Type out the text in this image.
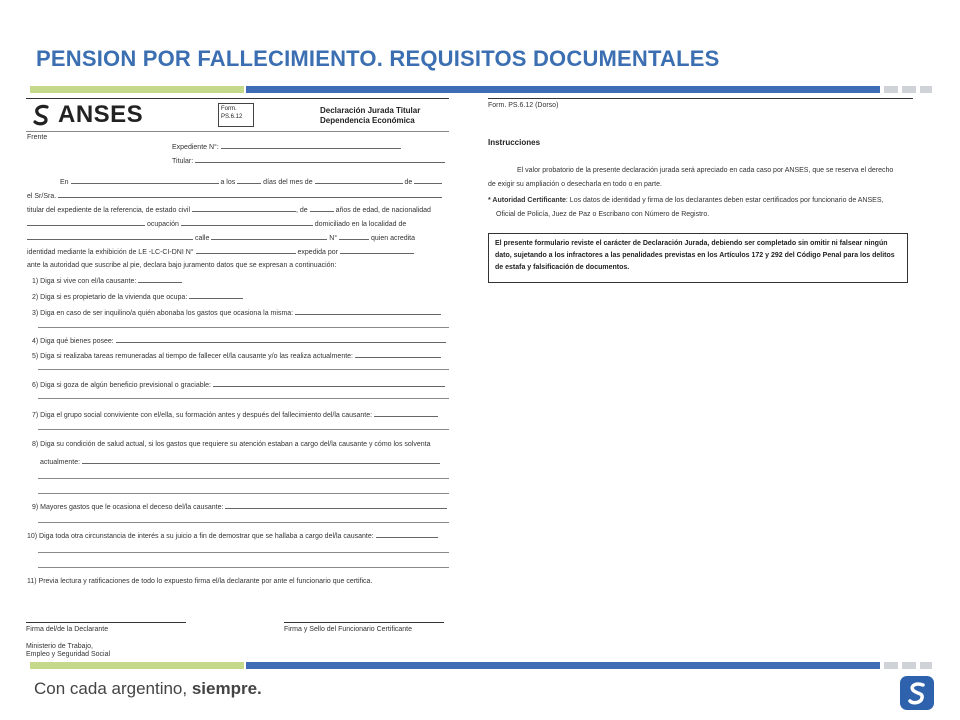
PENSION POR FALLECIMIENTO. REQUISITOS DOCUMENTALES
ANSES	Form.
PS.6.12
Declaración Jurada Titular
Dependencia Económica
Frente
Expediente N°:
Titular:
En	a los	días del mes de	de
el Sr/Sra.
titular del expediente de la referencia, de estado civil	, de	años de edad, de nacionalidad
ocupación	domiciliado en la localidad de
calle	N°	quien acredita
identidad mediante la exhibición de LE -LC-CI-DNI N°	expedida por
ante la autoridad que suscribe al pie, declara bajo juramento datos que se expresan a continuación:
1) Diga si vive con el/la causante:
2) Diga si es propietario de la vivienda que ocupa:
3) Diga en caso de ser inquilino/a quién abonaba los gastos que ocasiona la misma:
4) Diga qué bienes posee:
5) Diga si realizaba tareas remuneradas al tiempo de fallecer el/la causante y/o las realiza actualmente:
6) Diga si goza de algún beneficio previsional o graciable:
7) Diga el grupo social conviviente con el/ella, su formación antes y después del fallecimiento del/la causante:
8) Diga su condición de salud actual, si los gastos que requiere su atención estaban a cargo del/la causante y cómo los solventa
actualmente:
9) Mayores gastos que le ocasiona el deceso del/la causante:
10) Diga toda otra circunstancia de interés a su juicio a fin de demostrar que se hallaba a cargo del/la causante:
11) Previa lectura y ratificaciones de todo lo expuesto firma el/la declarante por ante el funcionario que certifica.
Firma del/de la Declarante	Firma y Sello del Funcionario Certificante
Ministerio de Trabajo,
Empleo y Seguridad Social
Form. PS.6.12 (Dorso)
Instrucciones
El valor probatorio de la presente declaración jurada será apreciado en cada caso por ANSES, que se reserva el derecho
de exigir su ampliación o desecharla en todo o en parte.
* Autoridad Certificante: Los datos de identidad y firma de los declarantes deben estar certificados por funcionario de ANSES,
Oficial de Policía, Juez de Paz o Escribano con Número de Registro.
El presente formulario reviste el carácter de Declaración Jurada, debiendo ser completado sin omitir ni falsear ningún dato, sujetando a los infractores a las penalidades previstas en los Artículos 172 y 292 del Código Penal para los delitos de estafa y falsificación de documentos.
Con cada argentino, siempre.
